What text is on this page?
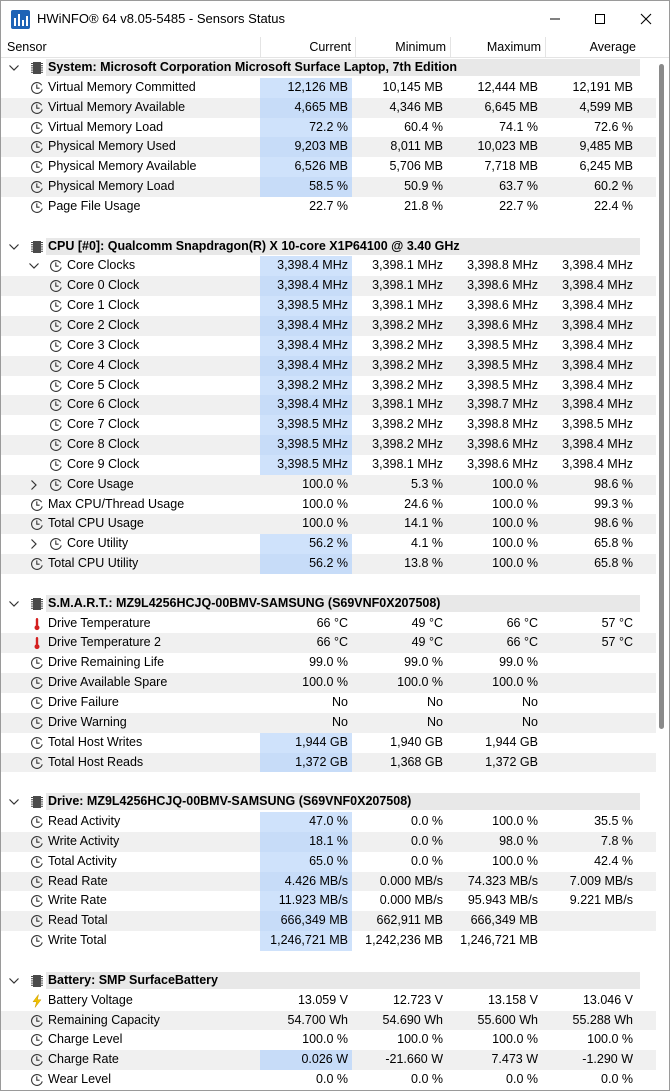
HWiNFO® 64 v8.05-5485 - Sensors Status
Sensor	Current	Minimum	Maximum	Average
System: Microsoft Corporation Microsoft Surface Laptop, 7th Edition
Virtual Memory Committed	12,126 MB	10,145 MB	12,444 MB	12,191 MB
Virtual Memory Available	4,665 MB	4,346 MB	6,645 MB	4,599 MB
Virtual Memory Load	72.2 %	60.4 %	74.1 %	72.6 %
Physical Memory Used	9,203 MB	8,011 MB	10,023 MB	9,485 MB
Physical Memory Available	6,526 MB	5,706 MB	7,718 MB	6,245 MB
Physical Memory Load	58.5 %	50.9 %	63.7 %	60.2 %
Page File Usage	22.7 %	21.8 %	22.7 %	22.4 %
CPU [#0]: Qualcomm Snapdragon(R) X 10-core X1P64100 @ 3.40 GHz
Core Clocks	3,398.4 MHz	3,398.1 MHz	3,398.8 MHz	3,398.4 MHz
Core 0 Clock	3,398.4 MHz	3,398.1 MHz	3,398.6 MHz	3,398.4 MHz
Core 1 Clock	3,398.5 MHz	3,398.1 MHz	3,398.6 MHz	3,398.4 MHz
Core 2 Clock	3,398.4 MHz	3,398.2 MHz	3,398.6 MHz	3,398.4 MHz
Core 3 Clock	3,398.4 MHz	3,398.2 MHz	3,398.5 MHz	3,398.4 MHz
Core 4 Clock	3,398.4 MHz	3,398.2 MHz	3,398.5 MHz	3,398.4 MHz
Core 5 Clock	3,398.2 MHz	3,398.2 MHz	3,398.5 MHz	3,398.4 MHz
Core 6 Clock	3,398.4 MHz	3,398.1 MHz	3,398.7 MHz	3,398.4 MHz
Core 7 Clock	3,398.5 MHz	3,398.2 MHz	3,398.8 MHz	3,398.5 MHz
Core 8 Clock	3,398.5 MHz	3,398.2 MHz	3,398.6 MHz	3,398.4 MHz
Core 9 Clock	3,398.5 MHz	3,398.1 MHz	3,398.6 MHz	3,398.4 MHz
Core Usage	100.0 %	5.3 %	100.0 %	98.6 %
Max CPU/Thread Usage	100.0 %	24.6 %	100.0 %	99.3 %
Total CPU Usage	100.0 %	14.1 %	100.0 %	98.6 %
Core Utility	56.2 %	4.1 %	100.0 %	65.8 %
Total CPU Utility	56.2 %	13.8 %	100.0 %	65.8 %
S.M.A.R.T.: MZ9L4256HCJQ-00BMV-SAMSUNG (S69VNF0X207508)
Drive Temperature	66 °C	49 °C	66 °C	57 °C
Drive Temperature 2	66 °C	49 °C	66 °C	57 °C
Drive Remaining Life	99.0 %	99.0 %	99.0 %
Drive Available Spare	100.0 %	100.0 %	100.0 %
Drive Failure	No	No	No
Drive Warning	No	No	No
Total Host Writes	1,944 GB	1,940 GB	1,944 GB
Total Host Reads	1,372 GB	1,368 GB	1,372 GB
Drive: MZ9L4256HCJQ-00BMV-SAMSUNG (S69VNF0X207508)
Read Activity	47.0 %	0.0 %	100.0 %	35.5 %
Write Activity	18.1 %	0.0 %	98.0 %	7.8 %
Total Activity	65.0 %	0.0 %	100.0 %	42.4 %
Read Rate	4.426 MB/s	0.000 MB/s	74.323 MB/s	7.009 MB/s
Write Rate	11.923 MB/s	0.000 MB/s	95.943 MB/s	9.221 MB/s
Read Total	666,349 MB	662,911 MB	666,349 MB
Write Total	1,246,721 MB	1,242,236 MB	1,246,721 MB
Battery: SMP SurfaceBattery
Battery Voltage	13.059 V	12.723 V	13.158 V	13.046 V
Remaining Capacity	54.700 Wh	54.690 Wh	55.600 Wh	55.288 Wh
Charge Level	100.0 %	100.0 %	100.0 %	100.0 %
Charge Rate	0.026 W	-21.660 W	7.473 W	-1.290 W
Wear Level	0.0 %	0.0 %	0.0 %	0.0 %
